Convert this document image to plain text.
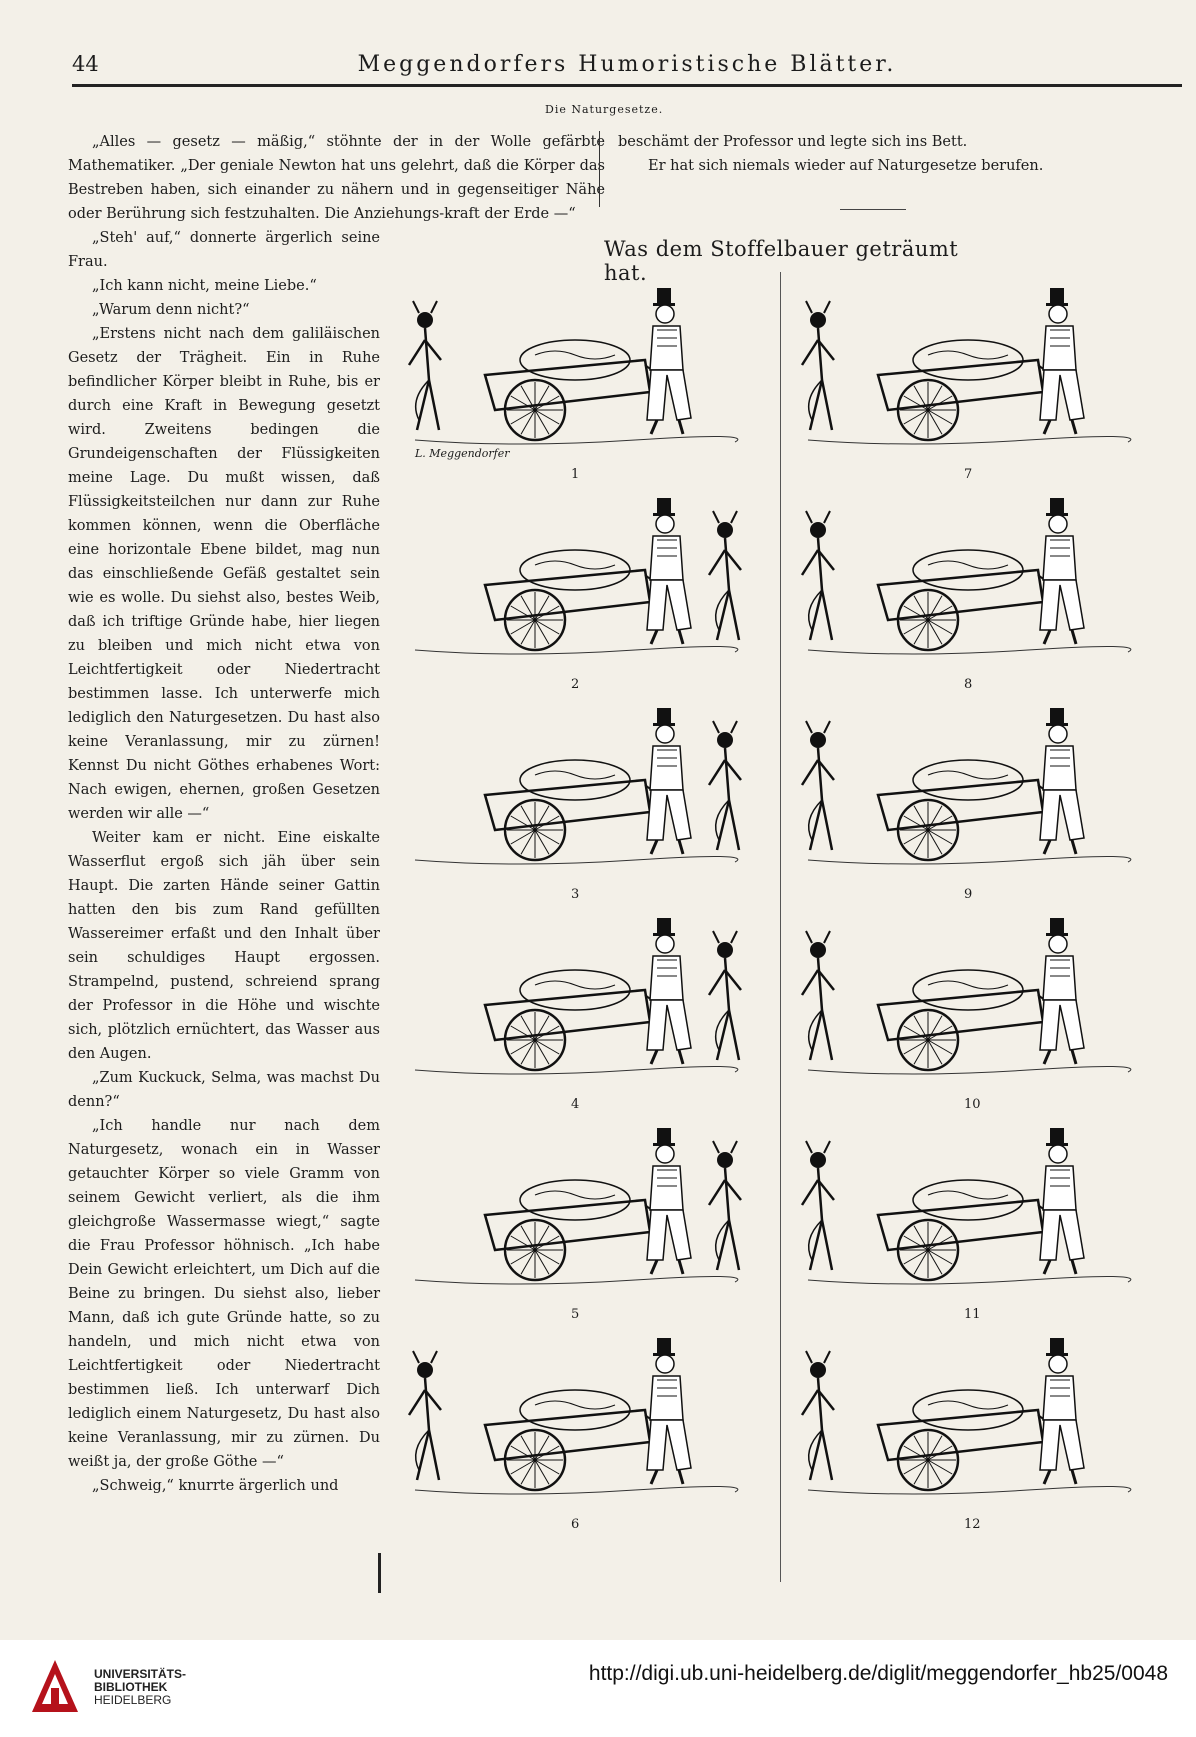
44	Meggendorfers Humoristische Blätter.
Die Naturgesetze.

„Alles — gesetz — mäßig,“ stöhnte der in der Wolle gefärbte Mathematiker. „Der geniale Newton hat uns gelehrt, daß die Körper das Bestreben haben, sich einander zu nähern und in gegenseitiger Nähe oder Berührung sich festzuhalten. Die Anziehungs-kraft der Erde —“

„Steh' auf,“ donnerte ärgerlich seine Frau.

„Ich kann nicht, meine Liebe.“

„Warum denn nicht?“

„Erstens nicht nach dem galiläischen Gesetz der Trägheit. Ein in Ruhe befindlicher Körper bleibt in Ruhe, bis er durch eine Kraft in Bewegung gesetzt wird. Zweitens bedingen die Grundeigenschaften der Flüssigkeiten meine Lage. Du mußt wissen, daß Flüssigkeitsteilchen nur dann zur Ruhe kommen können, wenn die Oberfläche eine horizontale Ebene bildet, mag nun das einschließende Gefäß gestaltet sein wie es wolle. Du siehst also, bestes Weib, daß ich triftige Gründe habe, hier liegen zu bleiben und mich nicht etwa von Leichtfertigkeit oder Niedertracht bestimmen lasse. Ich unterwerfe mich lediglich den Naturgesetzen. Du hast also keine Veranlassung, mir zu zürnen! Kennst Du nicht Göthes erhabenes Wort: Nach ewigen, ehernen, großen Gesetzen werden wir alle —“

Weiter kam er nicht. Eine eiskalte Wasserflut ergoß sich jäh über sein Haupt. Die zarten Hände seiner Gattin hatten den bis zum Rand gefüllten Wassereimer erfaßt und den Inhalt über sein schuldiges Haupt ergossen. Strampelnd, pustend, schreiend sprang der Professor in die Höhe und wischte sich, plötzlich ernüchtert, das Wasser aus den Augen.

„Zum Kuckuck, Selma, was machst Du denn?“

„Ich handle nur nach dem Naturgesetz, wonach ein in Wasser getauchter Körper so viele Gramm von seinem Gewicht verliert, als die ihm gleichgroße Wassermasse wiegt,“ sagte die Frau Professor höhnisch. „Ich habe Dein Gewicht erleichtert, um Dich auf die Beine zu bringen. Du siehst also, lieber Mann, daß ich gute Gründe hatte, so zu handeln, und mich nicht etwa von Leichtfertigkeit oder Niedertracht bestimmen ließ. Ich unterwarf Dich lediglich einem Naturgesetz, Du hast also keine Veranlassung, mir zu zürnen. Du weißt ja, der große Göthe —“

„Schweig,“ knurrte ärgerlich und

beschämt der Professor und legte sich ins Bett.

Er hat sich niemals wieder auf Naturgesetze berufen.

Was dem Stoffelbauer geträumt hat.
1
L. Meggendorfer
2
3
4
5
6
7
8
9
10
11
12
UNIVERSITÄTS-
BIBLIOTHEK
HEIDELBERG
http://digi.ub.uni-heidelberg.de/diglit/meggendorfer_hb25/0048
